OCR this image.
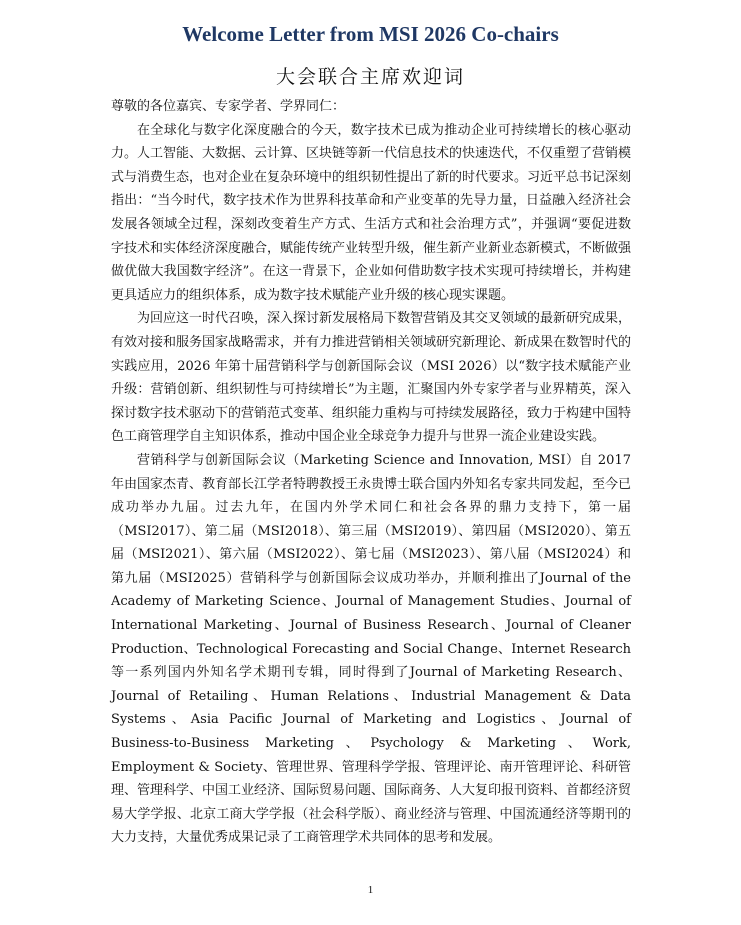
Welcome Letter from MSI 2026 Co-chairs
大会联合主席欢迎词

尊敬的各位嘉宾、专家学者、学界同仁：

在全球化与数字化深度融合的今天，数字技术已成为推动企业可持续增长的核心驱动力。人工智能、大数据、云计算、区块链等新一代信息技术的快速迭代，不仅重塑了营销模式与消费生态，也对企业在复杂环境中的组织韧性提出了新的时代要求。习近平总书记深刻指出：“当今时代，数字技术作为世界科技革命和产业变革的先导力量，日益融入经济社会发展各领域全过程，深刻改变着生产方式、生活方式和社会治理方式”，并强调“要促进数字技术和实体经济深度融合，赋能传统产业转型升级，催生新产业新业态新模式，不断做强做优做大我国数字经济”。在这一背景下，企业如何借助数字技术实现可持续增长，并构建更具适应力的组织体系，成为数字技术赋能产业升级的核心现实课题。

为回应这一时代召唤，深入探讨新发展格局下数智营销及其交叉领域的最新研究成果，有效对接和服务国家战略需求，并有力推进营销相关领域研究新理论、新成果在数智时代的实践应用，2026 年第十届营销科学与创新国际会议（MSI 2026）以“数字技术赋能产业升级：营销创新、组织韧性与可持续增长”为主题，汇聚国内外专家学者与业界精英，深入探讨数字技术驱动下的营销范式变革、组织能力重构与可持续发展路径，致力于构建中国特色工商管理学自主知识体系，推动中国企业全球竞争力提升与世界一流企业建设实践。

营销科学与创新国际会议（Marketing Science and Innovation, MSI）自 2017 年由国家杰青、教育部长江学者特聘教授王永贵博士联合国内外知名专家共同发起，至今已成功举办九届。过去九年，在国内外学术同仁和社会各界的鼎力支持下，第一届（MSI2017）、第二届（MSI2018）、第三届（MSI2019）、第四届（MSI2020）、第五届（MSI2021）、第六届（MSI2022）、第七届（MSI2023）、第八届（MSI2024）和第九届（MSI2025）营销科学与创新国际会议成功举办，并顺利推出了Journal of the Academy of Marketing Science、Journal of Management Studies、Journal of International Marketing、Journal of Business Research、Journal of Cleaner Production、Technological Forecasting and Social Change、Internet Research等一系列国内外知名学术期刊专辑，同时得到了Journal of Marketing Research、Journal of Retailing、Human Relations、Industrial Management & Data Systems、Asia Pacific Journal of Marketing and Logistics、Journal of Business-to-Business Marketing、Psychology & Marketing、Work, Employment & Society、管理世界、管理科学学报、管理评论、南开管理评论、科研管理、管理科学、中国工业经济、国际贸易问题、国际商务、人大复印报刊资料、首都经济贸易大学学报、北京工商大学学报（社会科学版）、商业经济与管理、中国流通经济等期刊的大力支持，大量优秀成果记录了工商管理学术共同体的思考和发展。

1
